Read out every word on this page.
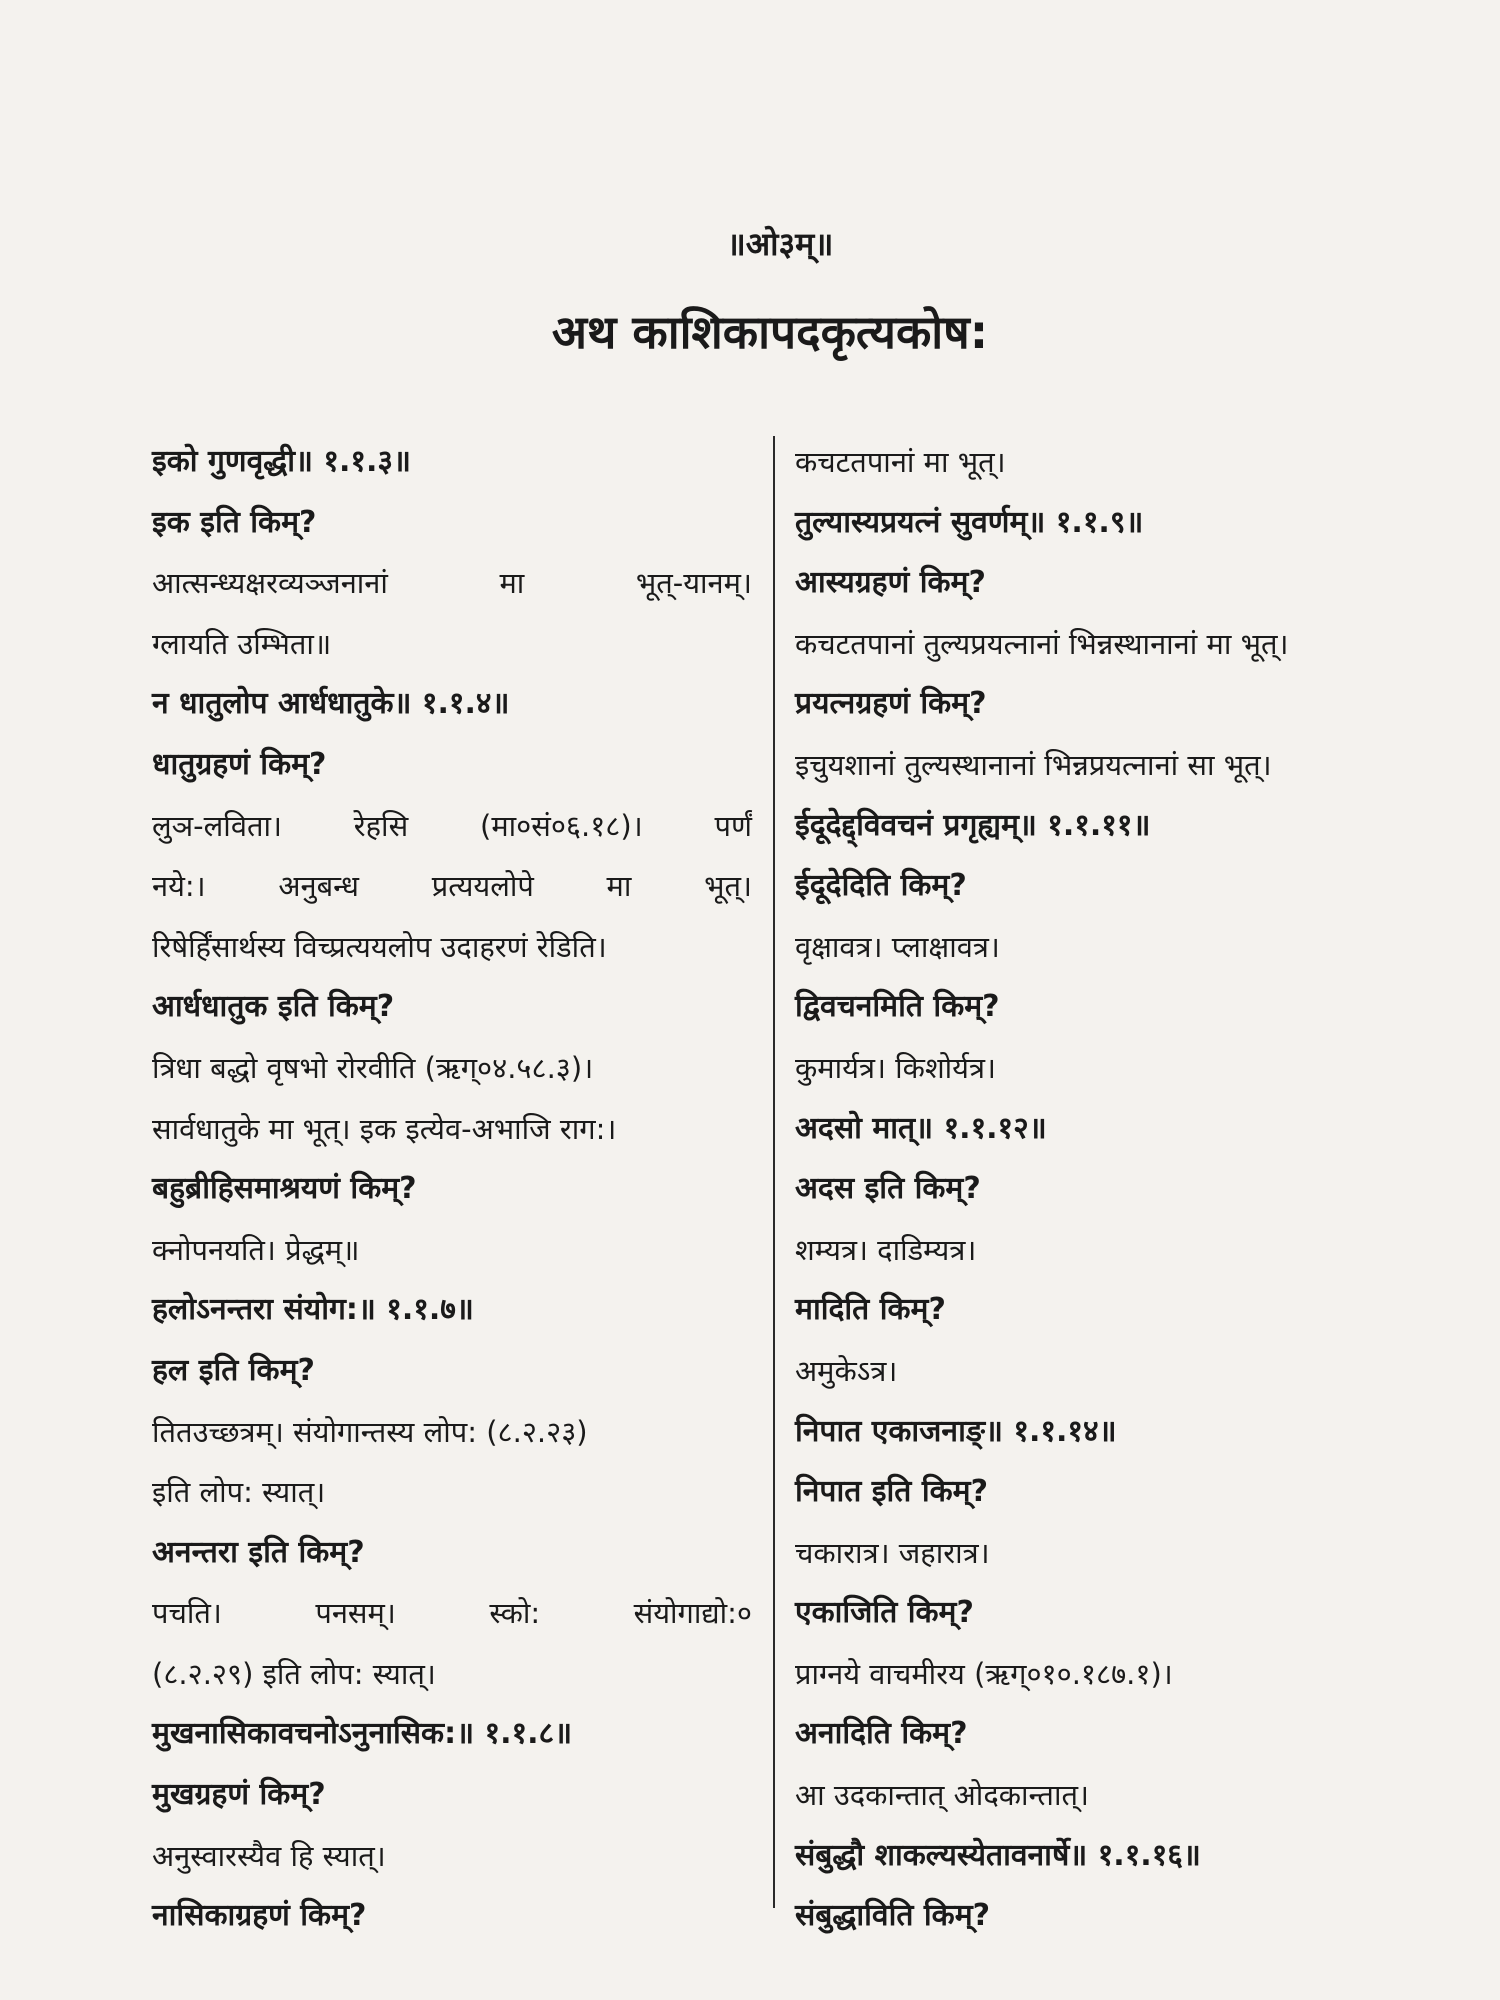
॥ओ३म्॥
अथ काशिकापदकृत्यकोष:
इको गुणवृद्धी॥ १.१.३॥
इक इति किम्?
आत्सन्ध्यक्षरव्यञ्जनानां	मा	भूत्-यानम्।
ग्लायति उम्भिता॥
न धातुलोप आर्धधातुके॥ १.१.४॥
धातुग्रहणं किम्?
लुञ-लविता। रेहसि (मा०सं०६.१८)। पर्णं
नये:।	अनुबन्ध	प्रत्ययलोपे	मा	भूत्।
रिषेर्हिंसार्थस्य विच्प्रत्ययलोप उदाहरणं रेडिति।
आर्धधातुक इति किम्?
त्रिधा बद्धो वृषभो रोरवीति (ऋग्०४.५८.३)।
सार्वधातुके मा भूत्। इक इत्येव-अभाजि राग:।
बहुब्रीहिसमाश्रयणं किम्?
क्नोपनयति। प्रेद्धम्॥
हलोऽनन्तरा संयोग:॥ १.१.७॥
हल इति किम्?
तितउच्छत्रम्। संयोगान्तस्य लोप: (८.२.२३)
इति लोप: स्यात्।
अनन्तरा इति किम्?
पचति।	पनसम्।	स्को:	संयोगाद्यो:०
(८.२.२९) इति लोप: स्यात्।
मुखनासिकावचनोऽनुनासिक:॥ १.१.८॥
मुखग्रहणं किम्?
अनुस्वारस्यैव हि स्यात्।
नासिकाग्रहणं किम्?
कचटतपानां मा भूत्।
तुल्यास्यप्रयत्नं सुवर्णम्॥ १.१.९॥
आस्यग्रहणं किम्?
कचटतपानां तुल्यप्रयत्नानां भिन्नस्थानानां मा भूत्।
प्रयत्नग्रहणं किम्?
इचुयशानां तुल्यस्थानानां भिन्नप्रयत्नानां सा भूत्।
ईदूदेद्द्विवचनं प्रगृह्यम्॥ १.१.११॥
ईदूदेदिति किम्?
वृक्षावत्र। प्लाक्षावत्र।
द्विवचनमिति किम्?
कुमार्यत्र। किशोर्यत्र।
अदसो मात्॥ १.१.१२॥
अदस इति किम्?
शम्यत्र। दाडिम्यत्र।
मादिति किम्?
अमुकेऽत्र।
निपात एकाजनाङ्॥ १.१.१४॥
निपात इति किम्?
चकारात्र। जहारात्र।
एकाजिति किम्?
प्राग्नये वाचमीरय (ऋग्०१०.१८७.१)।
अनादिति किम्?
आ उदकान्तात् ओदकान्तात्।
संबुद्धौ शाकल्यस्येतावनार्षे॥ १.१.१६॥
संबुद्धाविति किम्?
